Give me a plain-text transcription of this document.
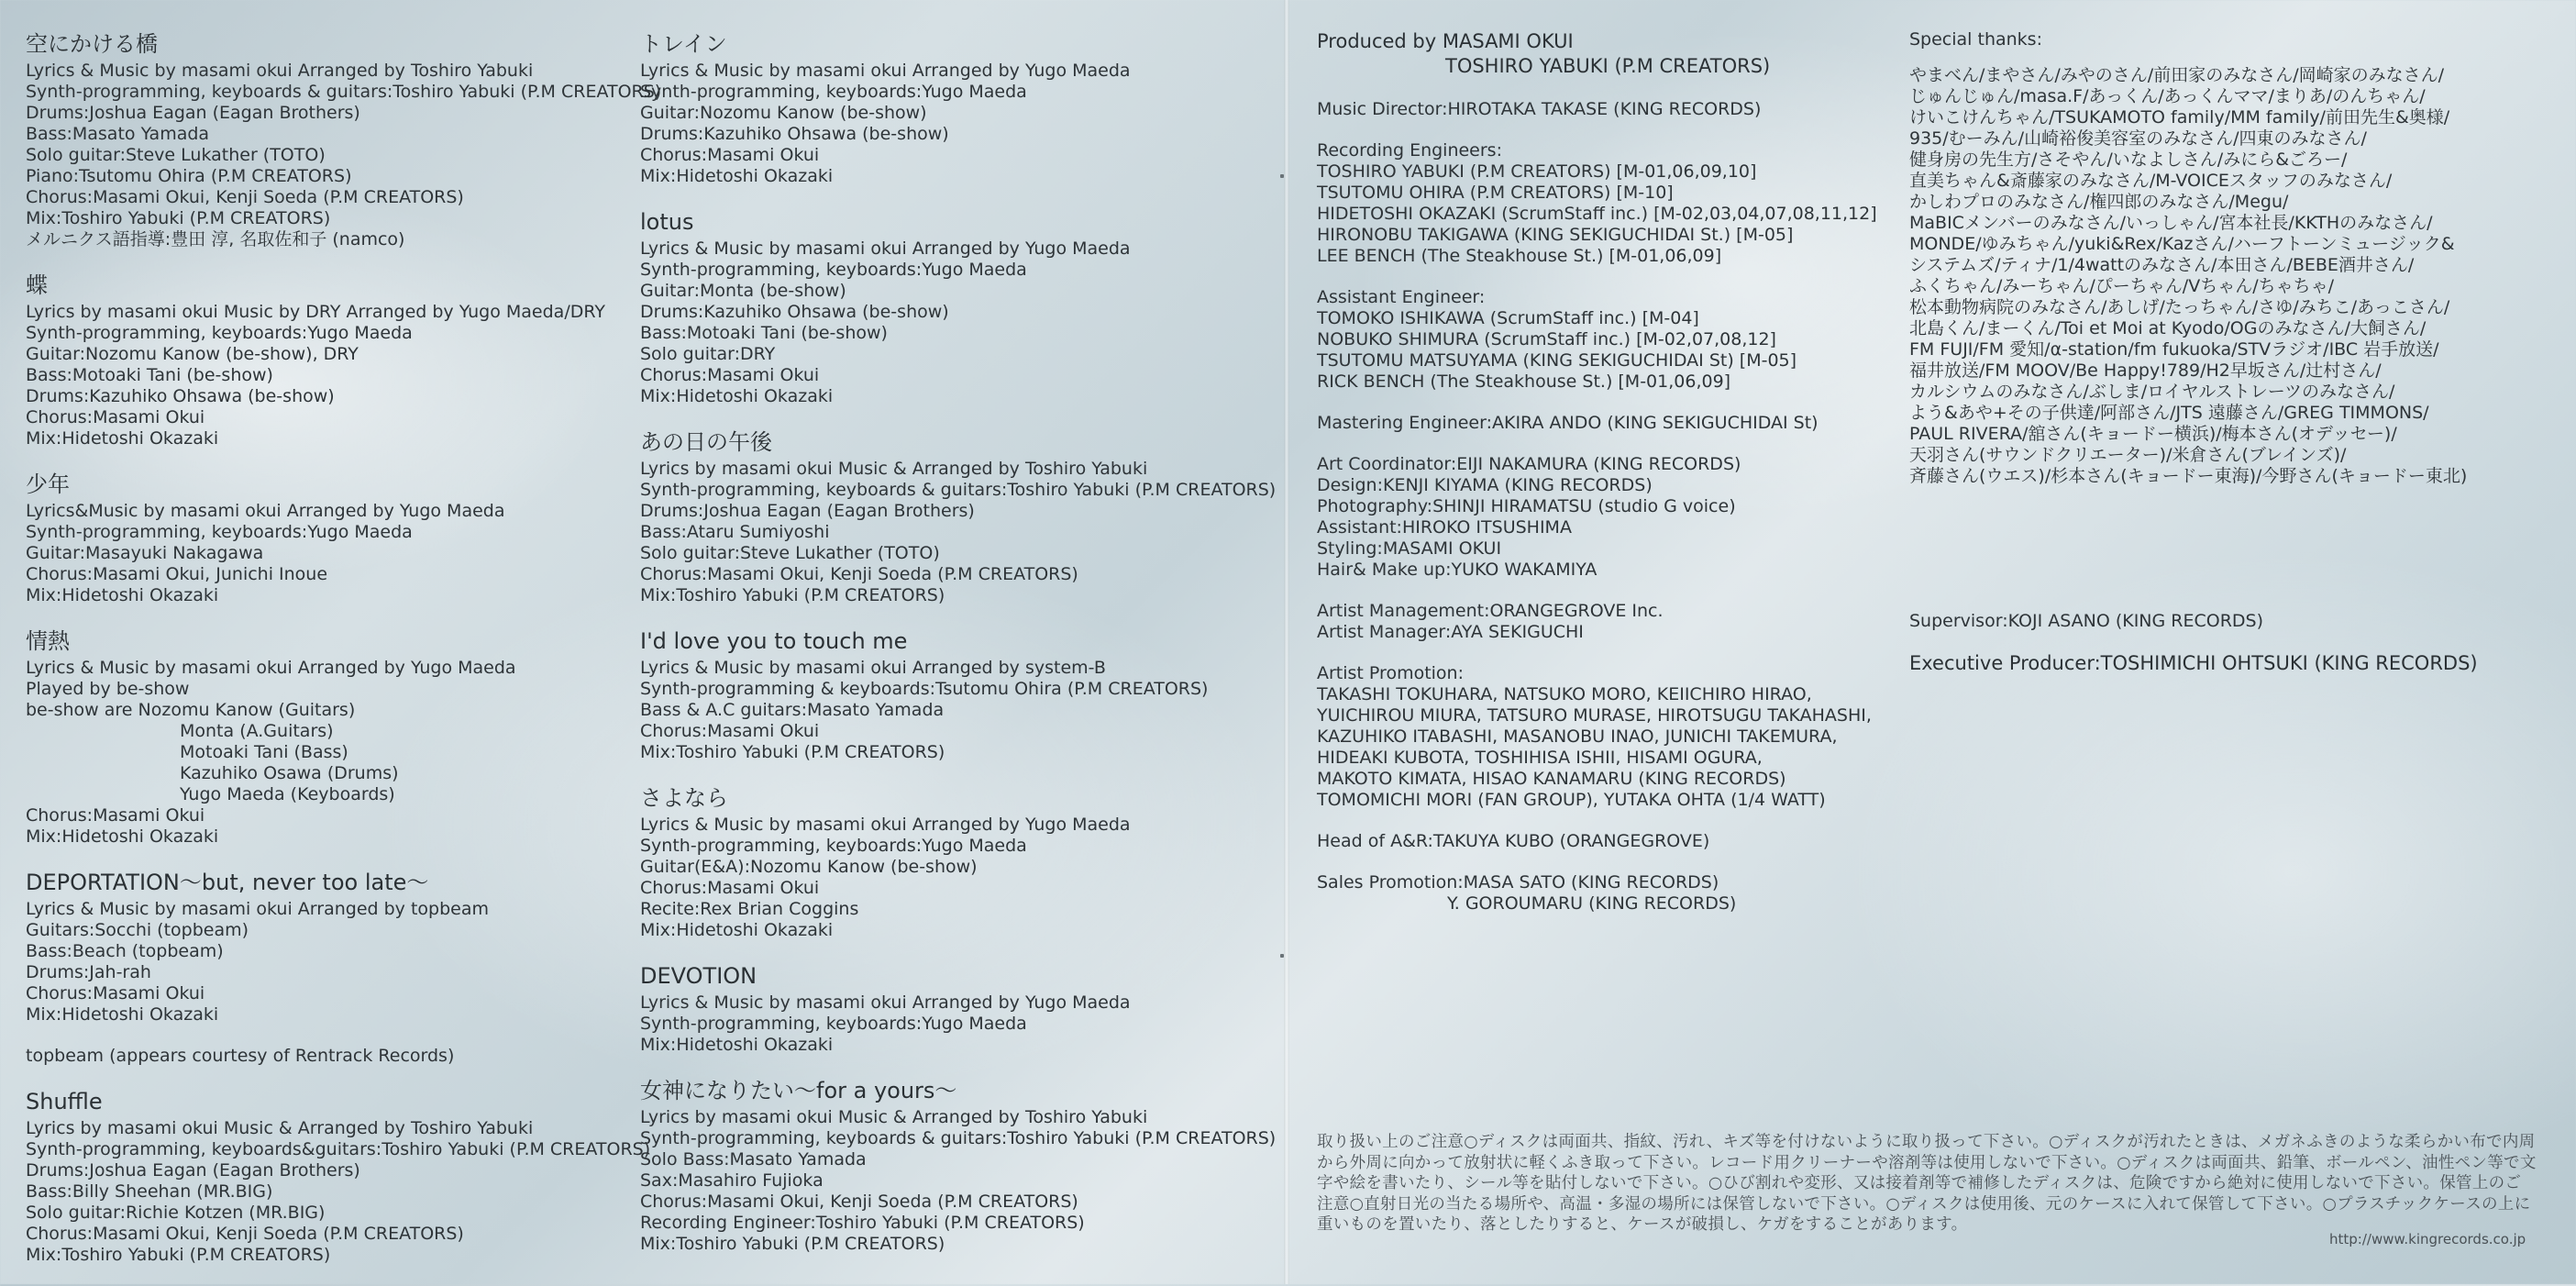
空にかける橋
Lyrics & Music by masami okui Arranged by Toshiro Yabuki
Synth-programming, keyboards & guitars:Toshiro Yabuki (P.M CREATORS)
Drums:Joshua Eagan (Eagan Brothers)
Bass:Masato Yamada
Solo guitar:Steve Lukather (TOTO)
Piano:Tsutomu Ohira (P.M CREATORS)
Chorus:Masami Okui, Kenji Soeda (P.M CREATORS)
Mix:Toshiro Yabuki (P.M CREATORS)
メルニクス語指導:豊田 淳, 名取佐和子 (namco)
蝶
Lyrics by masami okui Music by DRY Arranged by Yugo Maeda/DRY
Synth-programming, keyboards:Yugo Maeda
Guitar:Nozomu Kanow (be-show), DRY
Bass:Motoaki Tani (be-show)
Drums:Kazuhiko Ohsawa (be-show)
Chorus:Masami Okui
Mix:Hidetoshi Okazaki
少年
Lyrics&Music by masami okui Arranged by Yugo Maeda
Synth-programming, keyboards:Yugo Maeda
Guitar:Masayuki Nakagawa
Chorus:Masami Okui, Junichi Inoue
Mix:Hidetoshi Okazaki
情熱
Lyrics & Music by masami okui Arranged by Yugo Maeda
Played by be-show
be-show are Nozomu Kanow (Guitars)
Monta (A.Guitars)
Motoaki Tani (Bass)
Kazuhiko Osawa (Drums)
Yugo Maeda (Keyboards)
Chorus:Masami Okui
Mix:Hidetoshi Okazaki
DEPORTATION～but, never too late～
Lyrics & Music by masami okui Arranged by topbeam
Guitars:Socchi (topbeam)
Bass:Beach (topbeam)
Drums:Jah-rah
Chorus:Masami Okui
Mix:Hidetoshi Okazaki
topbeam (appears courtesy of Rentrack Records)
Shuffle
Lyrics by masami okui Music & Arranged by Toshiro Yabuki
Synth-programming, keyboards&guitars:Toshiro Yabuki (P.M CREATORS)
Drums:Joshua Eagan (Eagan Brothers)
Bass:Billy Sheehan (MR.BIG)
Solo guitar:Richie Kotzen (MR.BIG)
Chorus:Masami Okui, Kenji Soeda (P.M CREATORS)
Mix:Toshiro Yabuki (P.M CREATORS)
トレイン
Lyrics & Music by masami okui Arranged by Yugo Maeda
Synth-programming, keyboards:Yugo Maeda
Guitar:Nozomu Kanow (be-show)
Drums:Kazuhiko Ohsawa (be-show)
Chorus:Masami Okui
Mix:Hidetoshi Okazaki
lotus
Lyrics & Music by masami okui Arranged by Yugo Maeda
Synth-programming, keyboards:Yugo Maeda
Guitar:Monta (be-show)
Drums:Kazuhiko Ohsawa (be-show)
Bass:Motoaki Tani (be-show)
Solo guitar:DRY
Chorus:Masami Okui
Mix:Hidetoshi Okazaki
あの日の午後
Lyrics by masami okui Music & Arranged by Toshiro Yabuki
Synth-programming, keyboards & guitars:Toshiro Yabuki (P.M CREATORS)
Drums:Joshua Eagan (Eagan Brothers)
Bass:Ataru Sumiyoshi
Solo guitar:Steve Lukather (TOTO)
Chorus:Masami Okui, Kenji Soeda (P.M CREATORS)
Mix:Toshiro Yabuki (P.M CREATORS)
I'd love you to touch me
Lyrics & Music by masami okui Arranged by system-B
Synth-programming & keyboards:Tsutomu Ohira (P.M CREATORS)
Bass & A.C guitars:Masato Yamada
Chorus:Masami Okui
Mix:Toshiro Yabuki (P.M CREATORS)
さよなら
Lyrics & Music by masami okui Arranged by Yugo Maeda
Synth-programming, keyboards:Yugo Maeda
Guitar(E&A):Nozomu Kanow (be-show)
Chorus:Masami Okui
Recite:Rex Brian Coggins
Mix:Hidetoshi Okazaki
DEVOTION
Lyrics & Music by masami okui Arranged by Yugo Maeda
Synth-programming, keyboards:Yugo Maeda
Mix:Hidetoshi Okazaki
女神になりたい～for a yours～
Lyrics by masami okui Music & Arranged by Toshiro Yabuki
Synth-programming, keyboards & guitars:Toshiro Yabuki (P.M CREATORS)
Solo Bass:Masato Yamada
Sax:Masahiro Fujioka
Chorus:Masami Okui, Kenji Soeda (P.M CREATORS)
Recording Engineer:Toshiro Yabuki (P.M CREATORS)
Mix:Toshiro Yabuki (P.M CREATORS)
Produced by MASAMI OKUI
TOSHIRO YABUKI (P.M CREATORS)
Music Director:HIROTAKA TAKASE (KING RECORDS)
Recording Engineers:
TOSHIRO YABUKI (P.M CREATORS) [M-01,06,09,10]
TSUTOMU OHIRA (P.M CREATORS) [M-10]
HIDETOSHI OKAZAKI (ScrumStaff inc.) [M-02,03,04,07,08,11,12]
HIRONOBU TAKIGAWA (KING SEKIGUCHIDAI St.) [M-05]
LEE BENCH (The Steakhouse St.) [M-01,06,09]
Assistant Engineer:
TOMOKO ISHIKAWA (ScrumStaff inc.) [M-04]
NOBUKO SHIMURA (ScrumStaff inc.) [M-02,07,08,12]
TSUTOMU MATSUYAMA (KING SEKIGUCHIDAI St) [M-05]
RICK BENCH (The Steakhouse St.) [M-01,06,09]
Mastering Engineer:AKIRA ANDO (KING SEKIGUCHIDAI St)
Art Coordinator:EIJI NAKAMURA (KING RECORDS)
Design:KENJI KIYAMA (KING RECORDS)
Photography:SHINJI HIRAMATSU (studio G voice)
Assistant:HIROKO ITSUSHIMA
Styling:MASAMI OKUI
Hair& Make up:YUKO WAKAMIYA
Artist Management:ORANGEGROVE Inc.
Artist Manager:AYA SEKIGUCHI
Artist Promotion:
TAKASHI TOKUHARA, NATSUKO MORO, KEIICHIRO HIRAO,
YUICHIROU MIURA, TATSURO MURASE, HIROTSUGU TAKAHASHI,
KAZUHIKO ITABASHI, MASANOBU INAO, JUNICHI TAKEMURA,
HIDEAKI KUBOTA, TOSHIHISA ISHII, HISAMI OGURA,
MAKOTO KIMATA, HISAO KANAMARU (KING RECORDS)
TOMOMICHI MORI (FAN GROUP), YUTAKA OHTA (1/4 WATT)
Head of A&R:TAKUYA KUBO (ORANGEGROVE)
Sales Promotion:MASA SATO (KING RECORDS)
Y. GOROUMARU (KING RECORDS)
Special thanks:
やまべん/まやさん/みやのさん/前田家のみなさん/岡崎家のみなさん/
じゅんじゅん/masa.F/あっくん/あっくんママ/まりあ/のんちゃん/
けいこけんちゃん/TSUKAMOTO family/MM family/前田先生&奥様/
935/むーみん/山崎裕俊美容室のみなさん/四東のみなさん/
健身房の先生方/さそやん/いなよしさん/みにら&ごろー/
直美ちゃん&斎藤家のみなさん/M-VOICEスタッフのみなさん/
かしわプロのみなさん/権四郎のみなさん/Megu/
MaBICメンバーのみなさん/いっしゃん/宮本社長/KKTHのみなさん/
MONDE/ゆみちゃん/yuki&Rex/Kazさん/ハーフトーンミュージック&
システムズ/ティナ/1/4wattのみなさん/本田さん/BEBE酒井さん/
ふくちゃん/みーちゃん/ぴーちゃん/Vちゃん/ちゃちゃ/
松本動物病院のみなさん/あしげ/たっちゃん/さゆ/みちこ/あっこさん/
北島くん/まーくん/Toi et Moi at Kyodo/OGのみなさん/大飼さん/
FM FUJI/FM 愛知/α-station/fm fukuoka/STVラジオ/IBC 岩手放送/
福井放送/FM MOOV/Be Happy!789/H2早坂さん/辻村さん/
カルシウムのみなさん/ぶしま/ロイヤルストレーツのみなさん/
よう&あや+その子供達/阿部さん/JTS 遠藤さん/GREG TIMMONS/
PAUL RIVERA/舘さん(キョードー横浜)/梅本さん(オデッセー)/
天羽さん(サウンドクリエーター)/米倉さん(ブレインズ)/
斉藤さん(ウエス)/杉本さん(キョードー東海)/今野さん(キョードー東北)
Supervisor:KOJI ASANO (KING RECORDS)
Executive Producer:TOSHIMICHI OHTSUKI (KING RECORDS)
取り扱い上のご注意○ディスクは両面共、指紋、汚れ、キズ等を付けないように取り扱って下さい。○ディスクが汚れたときは、メガネふきのような柔らかい布で内周から外周に向かって放射状に軽くふき取って下さい。レコード用クリーナーや溶剤等は使用しないで下さい。○ディスクは両面共、鉛筆、ボールペン、油性ペン等で文字や絵を書いたり、シール等を貼付しないで下さい。○ひび割れや変形、又は接着剤等で補修したディスクは、危険ですから絶対に使用しないで下さい。保管上のご注意○直射日光の当たる場所や、高温・多湿の場所には保管しないで下さい。○ディスクは使用後、元のケースに入れて保管して下さい。○プラスチックケースの上に重いものを置いたり、落としたりすると、ケースが破損し、ケガをすることがあります。
http://www.kingrecords.co.jp
